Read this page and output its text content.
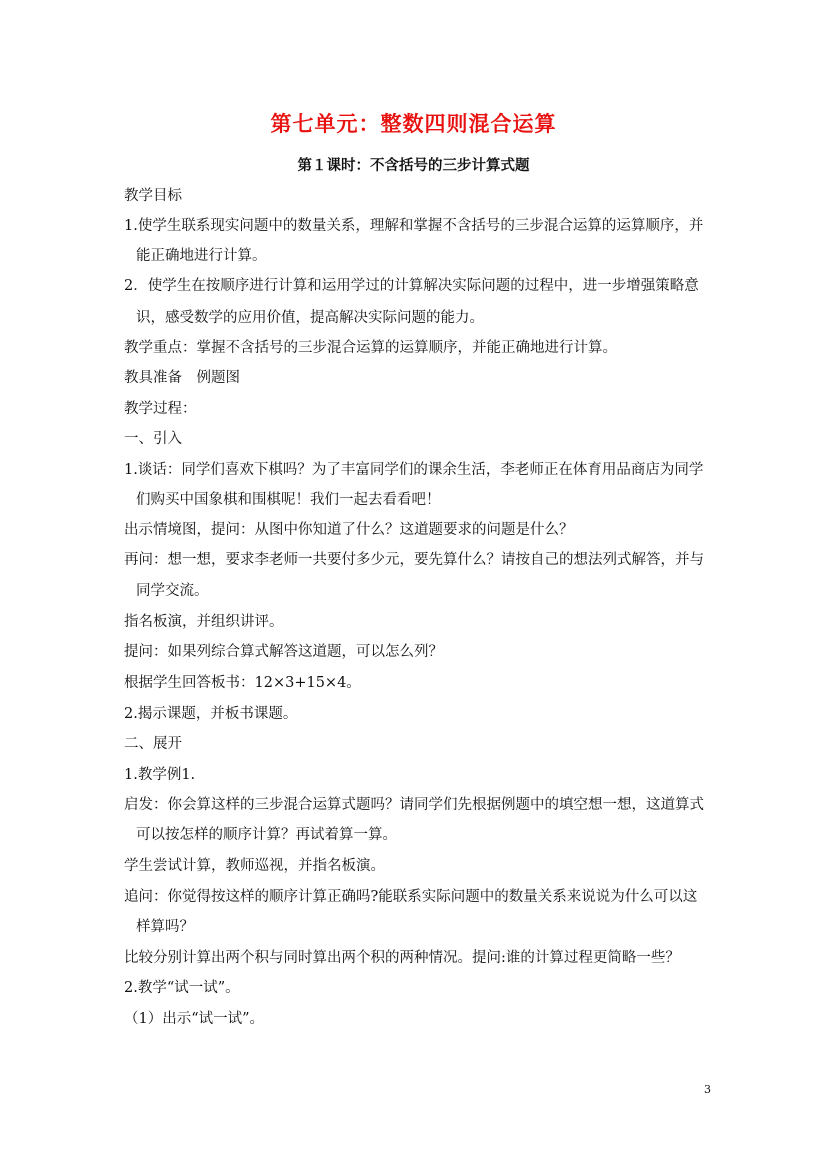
第七单元：整数四则混合运算
第１课时：不含括号的三步计算式题
教学目标
1.使学生联系现实问题中的数量关系，理解和掌握不含括号的三步混合运算的运算顺序，并
能正确地进行计算。
2．使学生在按顺序进行计算和运用学过的计算解决实际问题的过程中，进一步增强策略意
识，感受数学的应用价值，提高解决实际问题的能力。
教学重点：掌握不含括号的三步混合运算的运算顺序，并能正确地进行计算。
教具准备　例题图
教学过程：
一、引入
1.谈话：同学们喜欢下棋吗？为了丰富同学们的课余生活，李老师正在体育用品商店为同学
们购买中国象棋和围棋呢！我们一起去看看吧！
出示情境图，提问：从图中你知道了什么？这道题要求的问题是什么？
再问：想一想，要求李老师一共要付多少元，要先算什么？请按自己的想法列式解答，并与
同学交流。
指名板演，并组织讲评。
提问：如果列综合算式解答这道题，可以怎么列？
根据学生回答板书：12×3+15×4。
2.揭示课题，并板书课题。
二、展开
1.教学例1.
启发：你会算这样的三步混合运算式题吗？请同学们先根据例题中的填空想一想，这道算式
可以按怎样的顺序计算？再试着算一算。
学生尝试计算，教师巡视，并指名板演。
追问：你觉得按这样的顺序计算正确吗?能联系实际问题中的数量关系来说说为什么可以这
样算吗？
比较分别计算出两个积与同时算出两个积的两种情况。提问:谁的计算过程更简略一些？
2.教学“试一试”。
（1）出示“试一试”。
3
